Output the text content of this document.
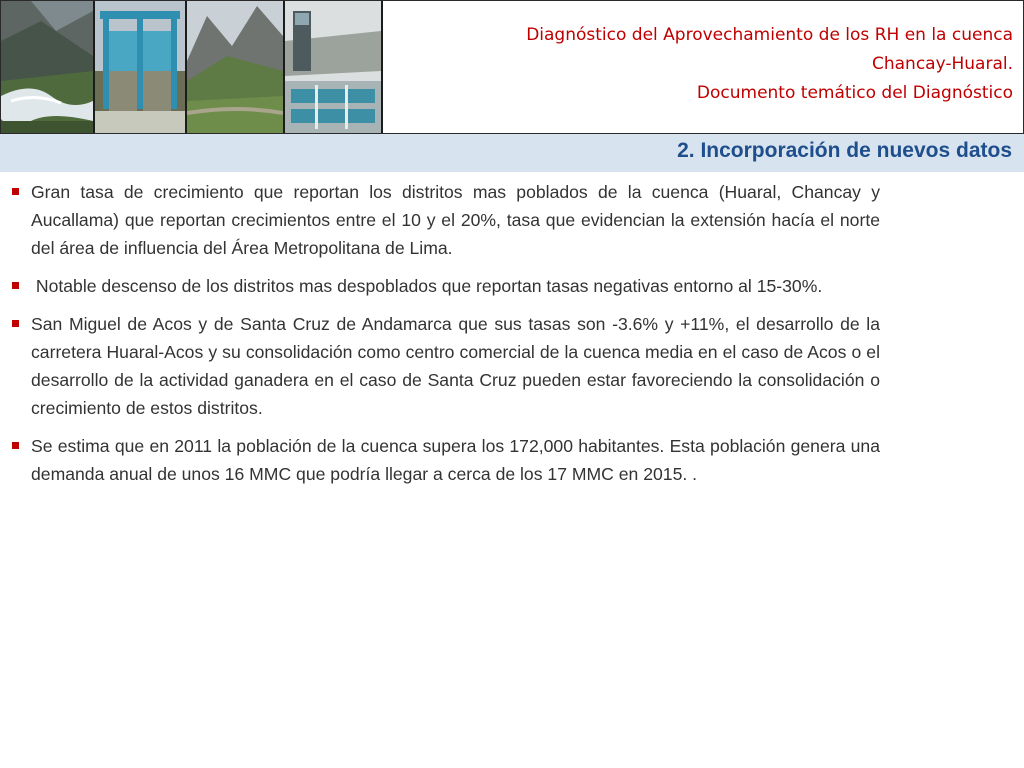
Diagnóstico del Aprovechamiento de los RH en la cuenca
Chancay-Huaral.
Documento temático del Diagnóstico
2. Incorporación de nuevos datos
Gran tasa de crecimiento que reportan los distritos mas poblados de la cuenca (Huaral, Chancay y Aucallama) que reportan crecimientos entre el 10 y el 20%, tasa que evidencian la extensión hacía el norte del área de influencia del Área Metropolitana de Lima.
Notable descenso de los distritos mas despoblados que reportan tasas negativas entorno al 15-30%.
San Miguel de Acos y de Santa Cruz de Andamarca que sus tasas son -3.6% y +11%, el desarrollo de la carretera Huaral-Acos y su consolidación como centro comercial de la cuenca media en el caso de Acos o el desarrollo de la actividad ganadera en el caso de Santa Cruz pueden estar favoreciendo la consolidación o crecimiento de estos distritos.
Se estima que en 2011 la población de la cuenca supera los 172,000 habitantes. Esta población genera una demanda anual de unos 16 MMC que podría llegar a cerca de los 17 MMC en 2015. .
